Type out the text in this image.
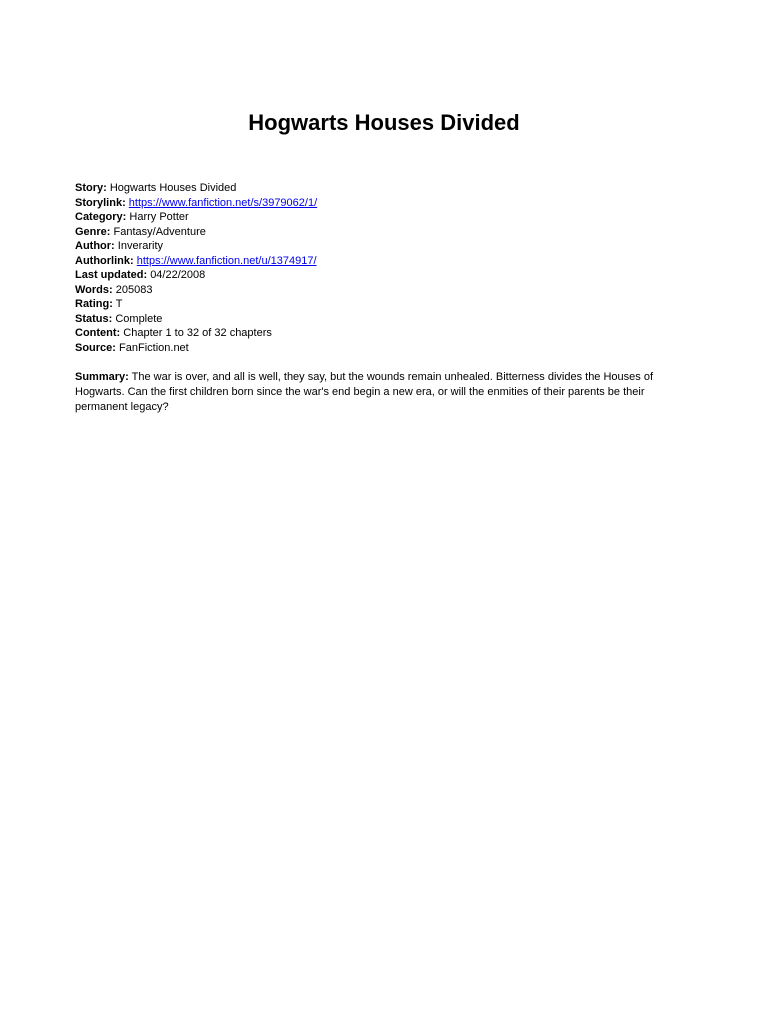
Hogwarts Houses Divided
Story: Hogwarts Houses Divided
Storylink: https://www.fanfiction.net/s/3979062/1/
Category: Harry Potter
Genre: Fantasy/Adventure
Author: Inverarity
Authorlink: https://www.fanfiction.net/u/1374917/
Last updated: 04/22/2008
Words: 205083
Rating: T
Status: Complete
Content: Chapter 1 to 32 of 32 chapters
Source: FanFiction.net

Summary: The war is over, and all is well, they say, but the wounds remain unhealed. Bitterness divides the Houses of Hogwarts. Can the first children born since the war's end begin a new era, or will the enmities of their parents be their permanent legacy?
